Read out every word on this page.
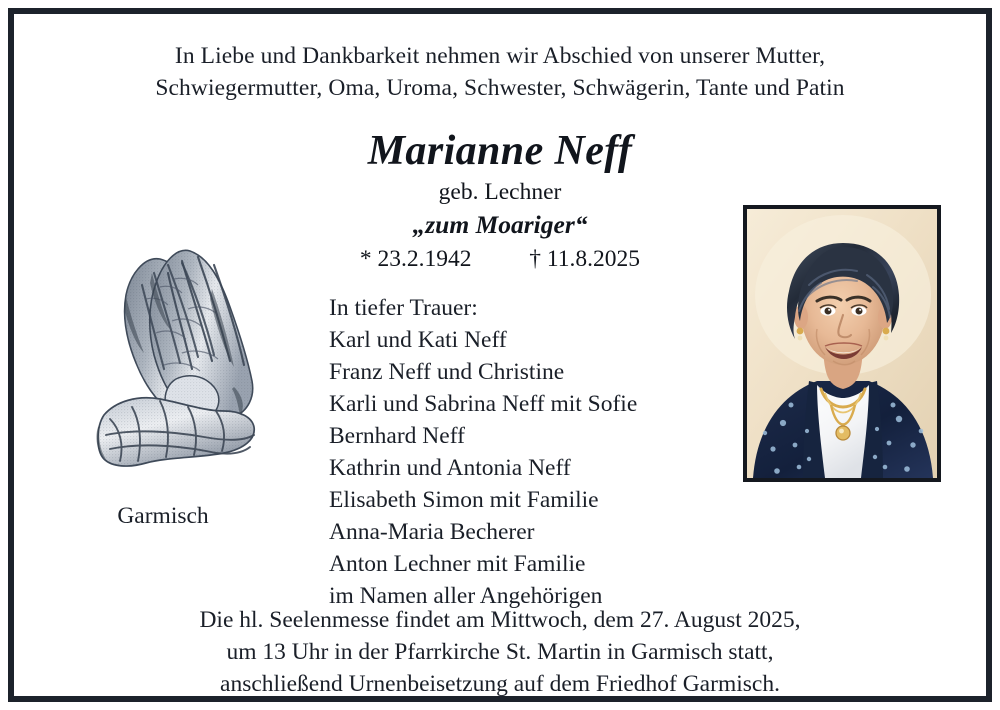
In Liebe und Dankbarkeit nehmen wir Abschied von unserer Mutter,
Schwiegermutter, Oma, Uroma, Schwester, Schwägerin, Tante und Patin
Marianne Neff
geb. Lechner
„zum Moariger“
* 23.2.1942 † 11.8.2025
In tiefer Trauer:
Karl und Kati Neff
Franz Neff und Christine
Karli und Sabrina Neff mit Sofie
Bernhard Neff
Kathrin und Antonia Neff
Elisabeth Simon mit Familie
Anna-Maria Becherer
Anton Lechner mit Familie
im Namen aller Angehörigen
Garmisch
Die hl. Seelenmesse findet am Mittwoch, dem 27. August 2025,
um 13 Uhr in der Pfarrkirche St. Martin in Garmisch statt,
anschließend Urnenbeisetzung auf dem Friedhof Garmisch.
